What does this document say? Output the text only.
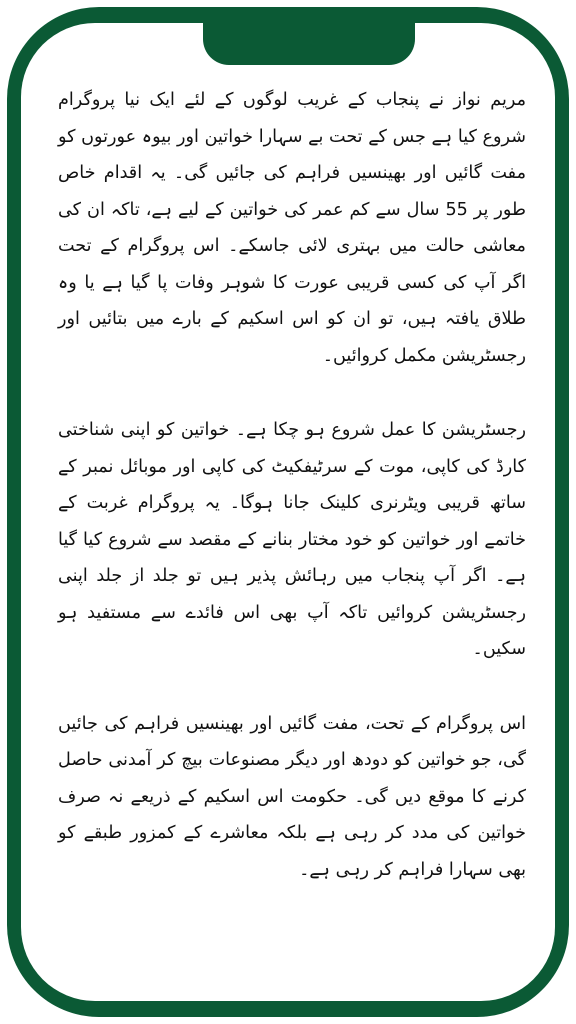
مریم نواز نے پنجاب کے غریب لوگوں کے لئے ایک نیا پروگرام شروع کیا ہے جس کے تحت بے سہارا خواتین اور بیوہ عورتوں کو مفت گائیں اور بھینسیں فراہم کی جائیں گی۔ یہ اقدام خاص طور پر 55 سال سے کم عمر کی خواتین کے لیے ہے، تاکہ ان کی معاشی حالت میں بہتری لائی جاسکے۔ اس پروگرام کے تحت اگر آپ کی کسی قریبی عورت کا شوہر وفات پا گیا ہے یا وہ طلاق یافتہ ہیں، تو ان کو اس اسکیم کے بارے میں بتائیں اور رجسٹریشن مکمل کروائیں۔

رجسٹریشن کا عمل شروع ہو چکا ہے۔ خواتین کو اپنی شناختی کارڈ کی کاپی، موت کے سرٹیفکیٹ کی کاپی اور موبائل نمبر کے ساتھ قریبی ویٹرنری کلینک جانا ہوگا۔ یہ پروگرام غربت کے خاتمے اور خواتین کو خود مختار بنانے کے مقصد سے شروع کیا گیا ہے۔ اگر آپ پنجاب میں رہائش پذیر ہیں تو جلد از جلد اپنی رجسٹریشن کروائیں تاکہ آپ بھی اس فائدے سے مستفید ہو سکیں۔

اس پروگرام کے تحت، مفت گائیں اور بھینسیں فراہم کی جائیں گی، جو خواتین کو دودھ اور دیگر مصنوعات بیچ کر آمدنی حاصل کرنے کا موقع دیں گی۔ حکومت اس اسکیم کے ذریعے نہ صرف خواتین کی مدد کر رہی ہے بلکہ معاشرے کے کمزور طبقے کو بھی سہارا فراہم کر رہی ہے۔
